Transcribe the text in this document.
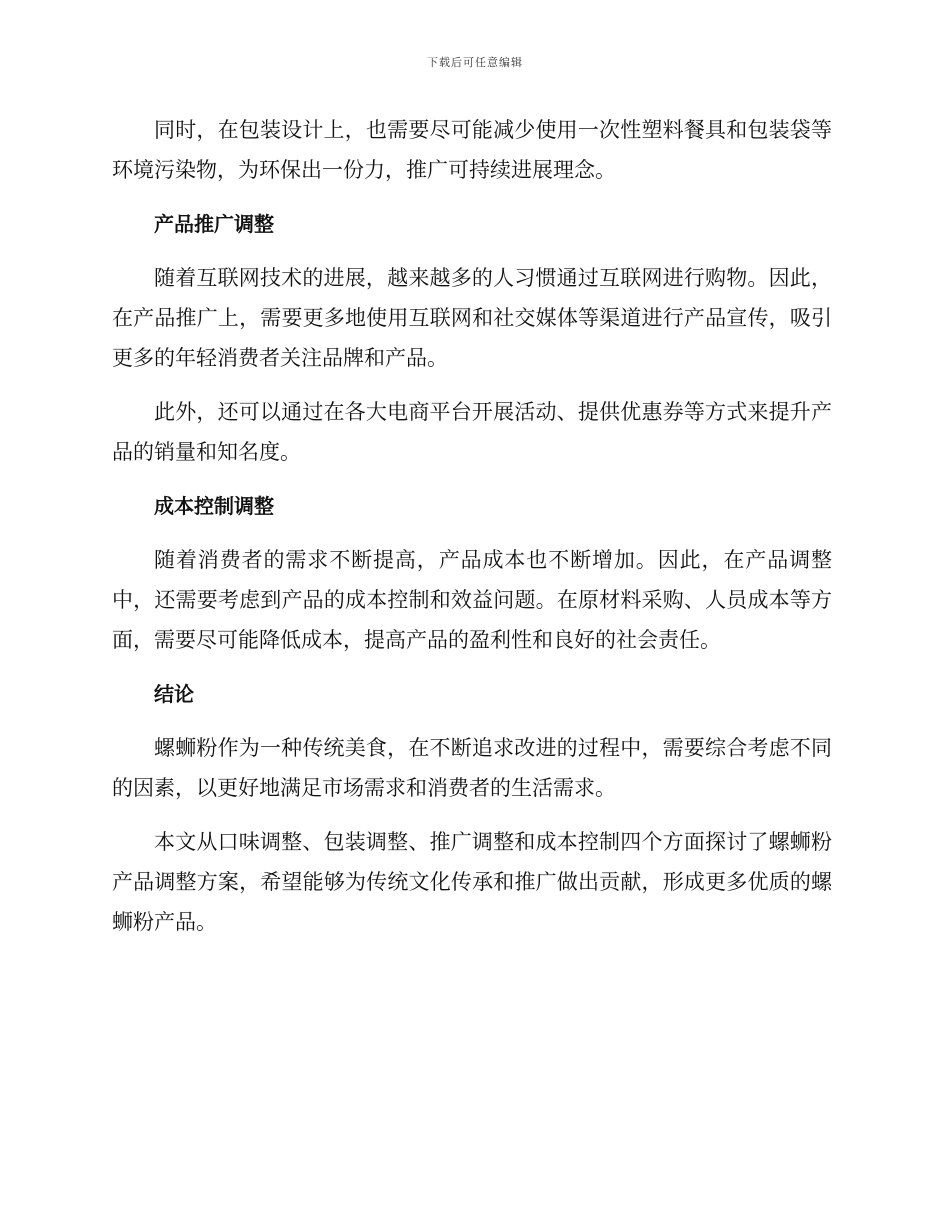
下载后可任意编辑

同时，在包装设计上，也需要尽可能减少使用一次性塑料餐具和包装袋等环境污染物，为环保出一份力，推广可持续进展理念。

产品推广调整

随着互联网技术的进展，越来越多的人习惯通过互联网进行购物。因此，在产品推广上，需要更多地使用互联网和社交媒体等渠道进行产品宣传，吸引更多的年轻消费者关注品牌和产品。

此外，还可以通过在各大电商平台开展活动、提供优惠券等方式来提升产品的销量和知名度。

成本控制调整

随着消费者的需求不断提高，产品成本也不断增加。因此，在产品调整中，还需要考虑到产品的成本控制和效益问题。在原材料采购、人员成本等方面，需要尽可能降低成本，提高产品的盈利性和良好的社会责任。

结论

螺蛳粉作为一种传统美食，在不断追求改进的过程中，需要综合考虑不同的因素，以更好地满足市场需求和消费者的生活需求。

本文从口味调整、包装调整、推广调整和成本控制四个方面探讨了螺蛳粉产品调整方案，希望能够为传统文化传承和推广做出贡献，形成更多优质的螺蛳粉产品。
